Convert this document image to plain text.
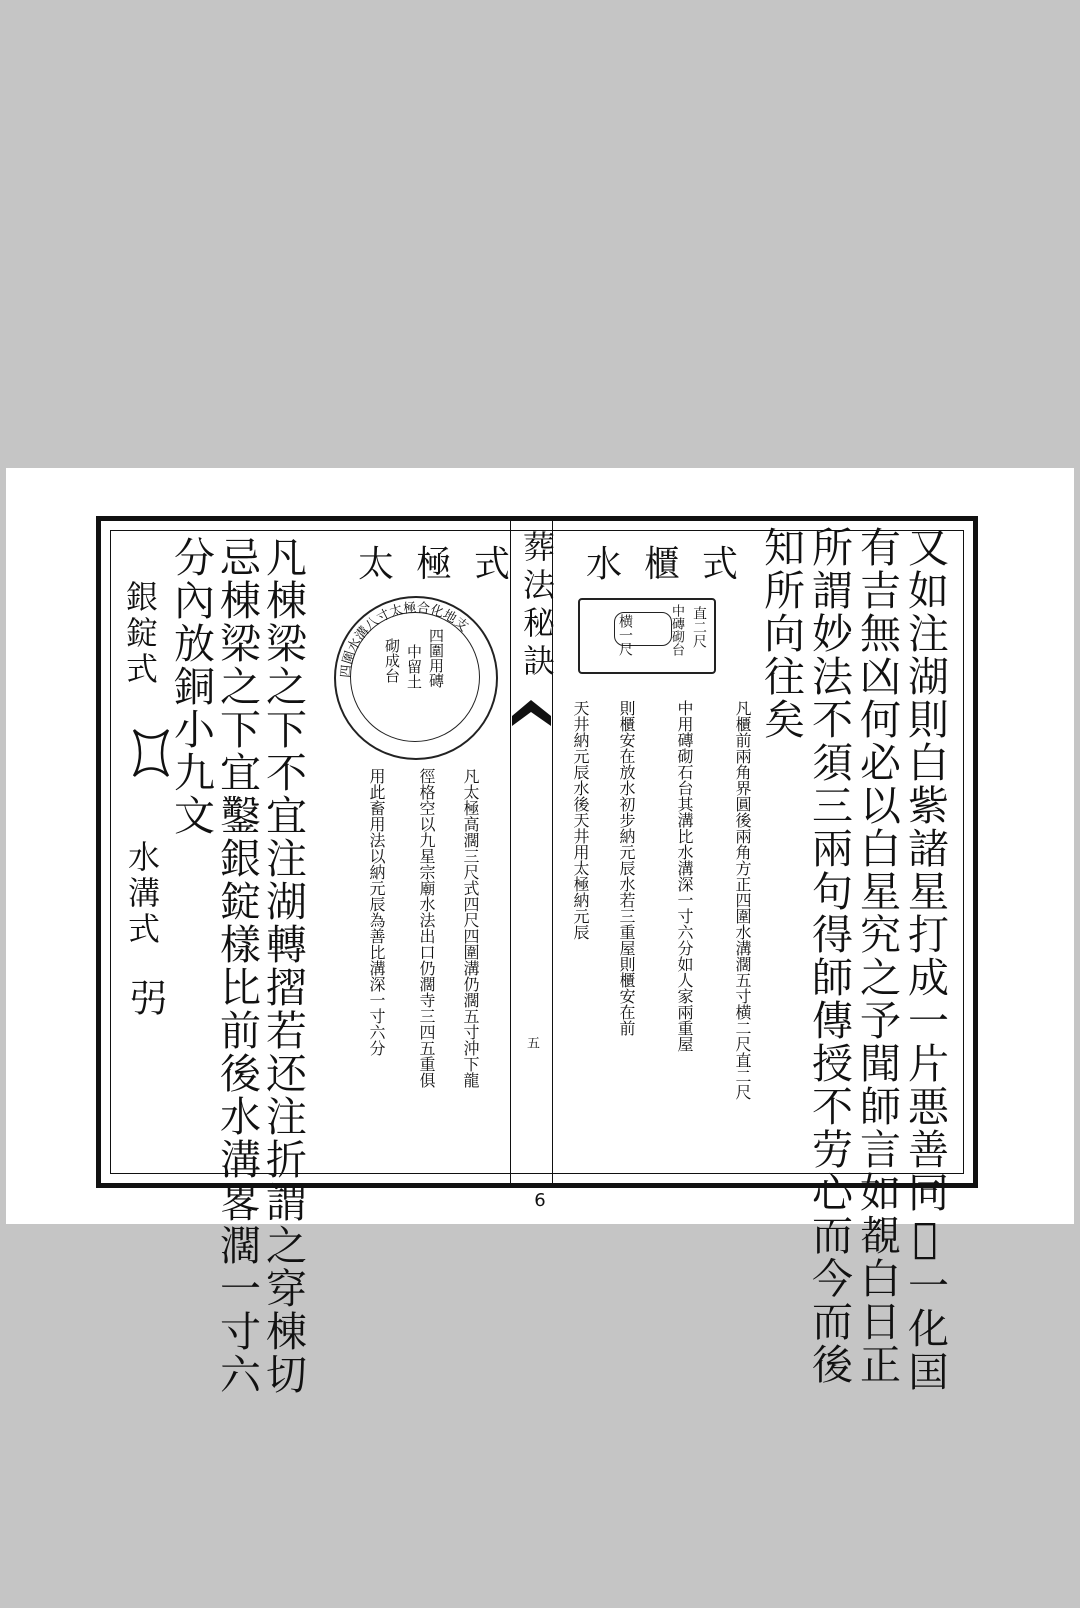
葬法秘訣
五	又如注湖則白紫諸星打成一片悪善同𡧓一化囯
有吉無凶何必以白星究之予聞師言如覩白日正
所謂妙法不須三兩句得師傳授不劳心而今而後
知所向往矣
水櫃式
直二尺
中磚砌台
横一尺
凡櫃前兩角界圓後兩角方正四圍水溝濶五寸横二尺直二尺
中用磚砌石台其溝比水溝深一寸六分如人家兩重屋
則櫃安在放水初步納元辰水若三重屋則櫃安在前
天井納元辰水後天井用太極納元辰
太極式
四圍水溝八寸太極合化地支
四圍用磚
中留土
砌成台
凡太極高濶三尺式四尺四圍溝仍濶五寸沖下龍
徑格空以九星宗廟水法出口仍濶寺三四五重俱
用此畜用法以納元辰為善比溝深一寸六分
凡棟梁之下不宜注湖轉摺若还注折謂之穿棟切
忌棟梁之下宜鑿銀錠樣比前後水溝畧濶一寸六
分內放銅小九文
銀錠式
水溝式
弜
6
